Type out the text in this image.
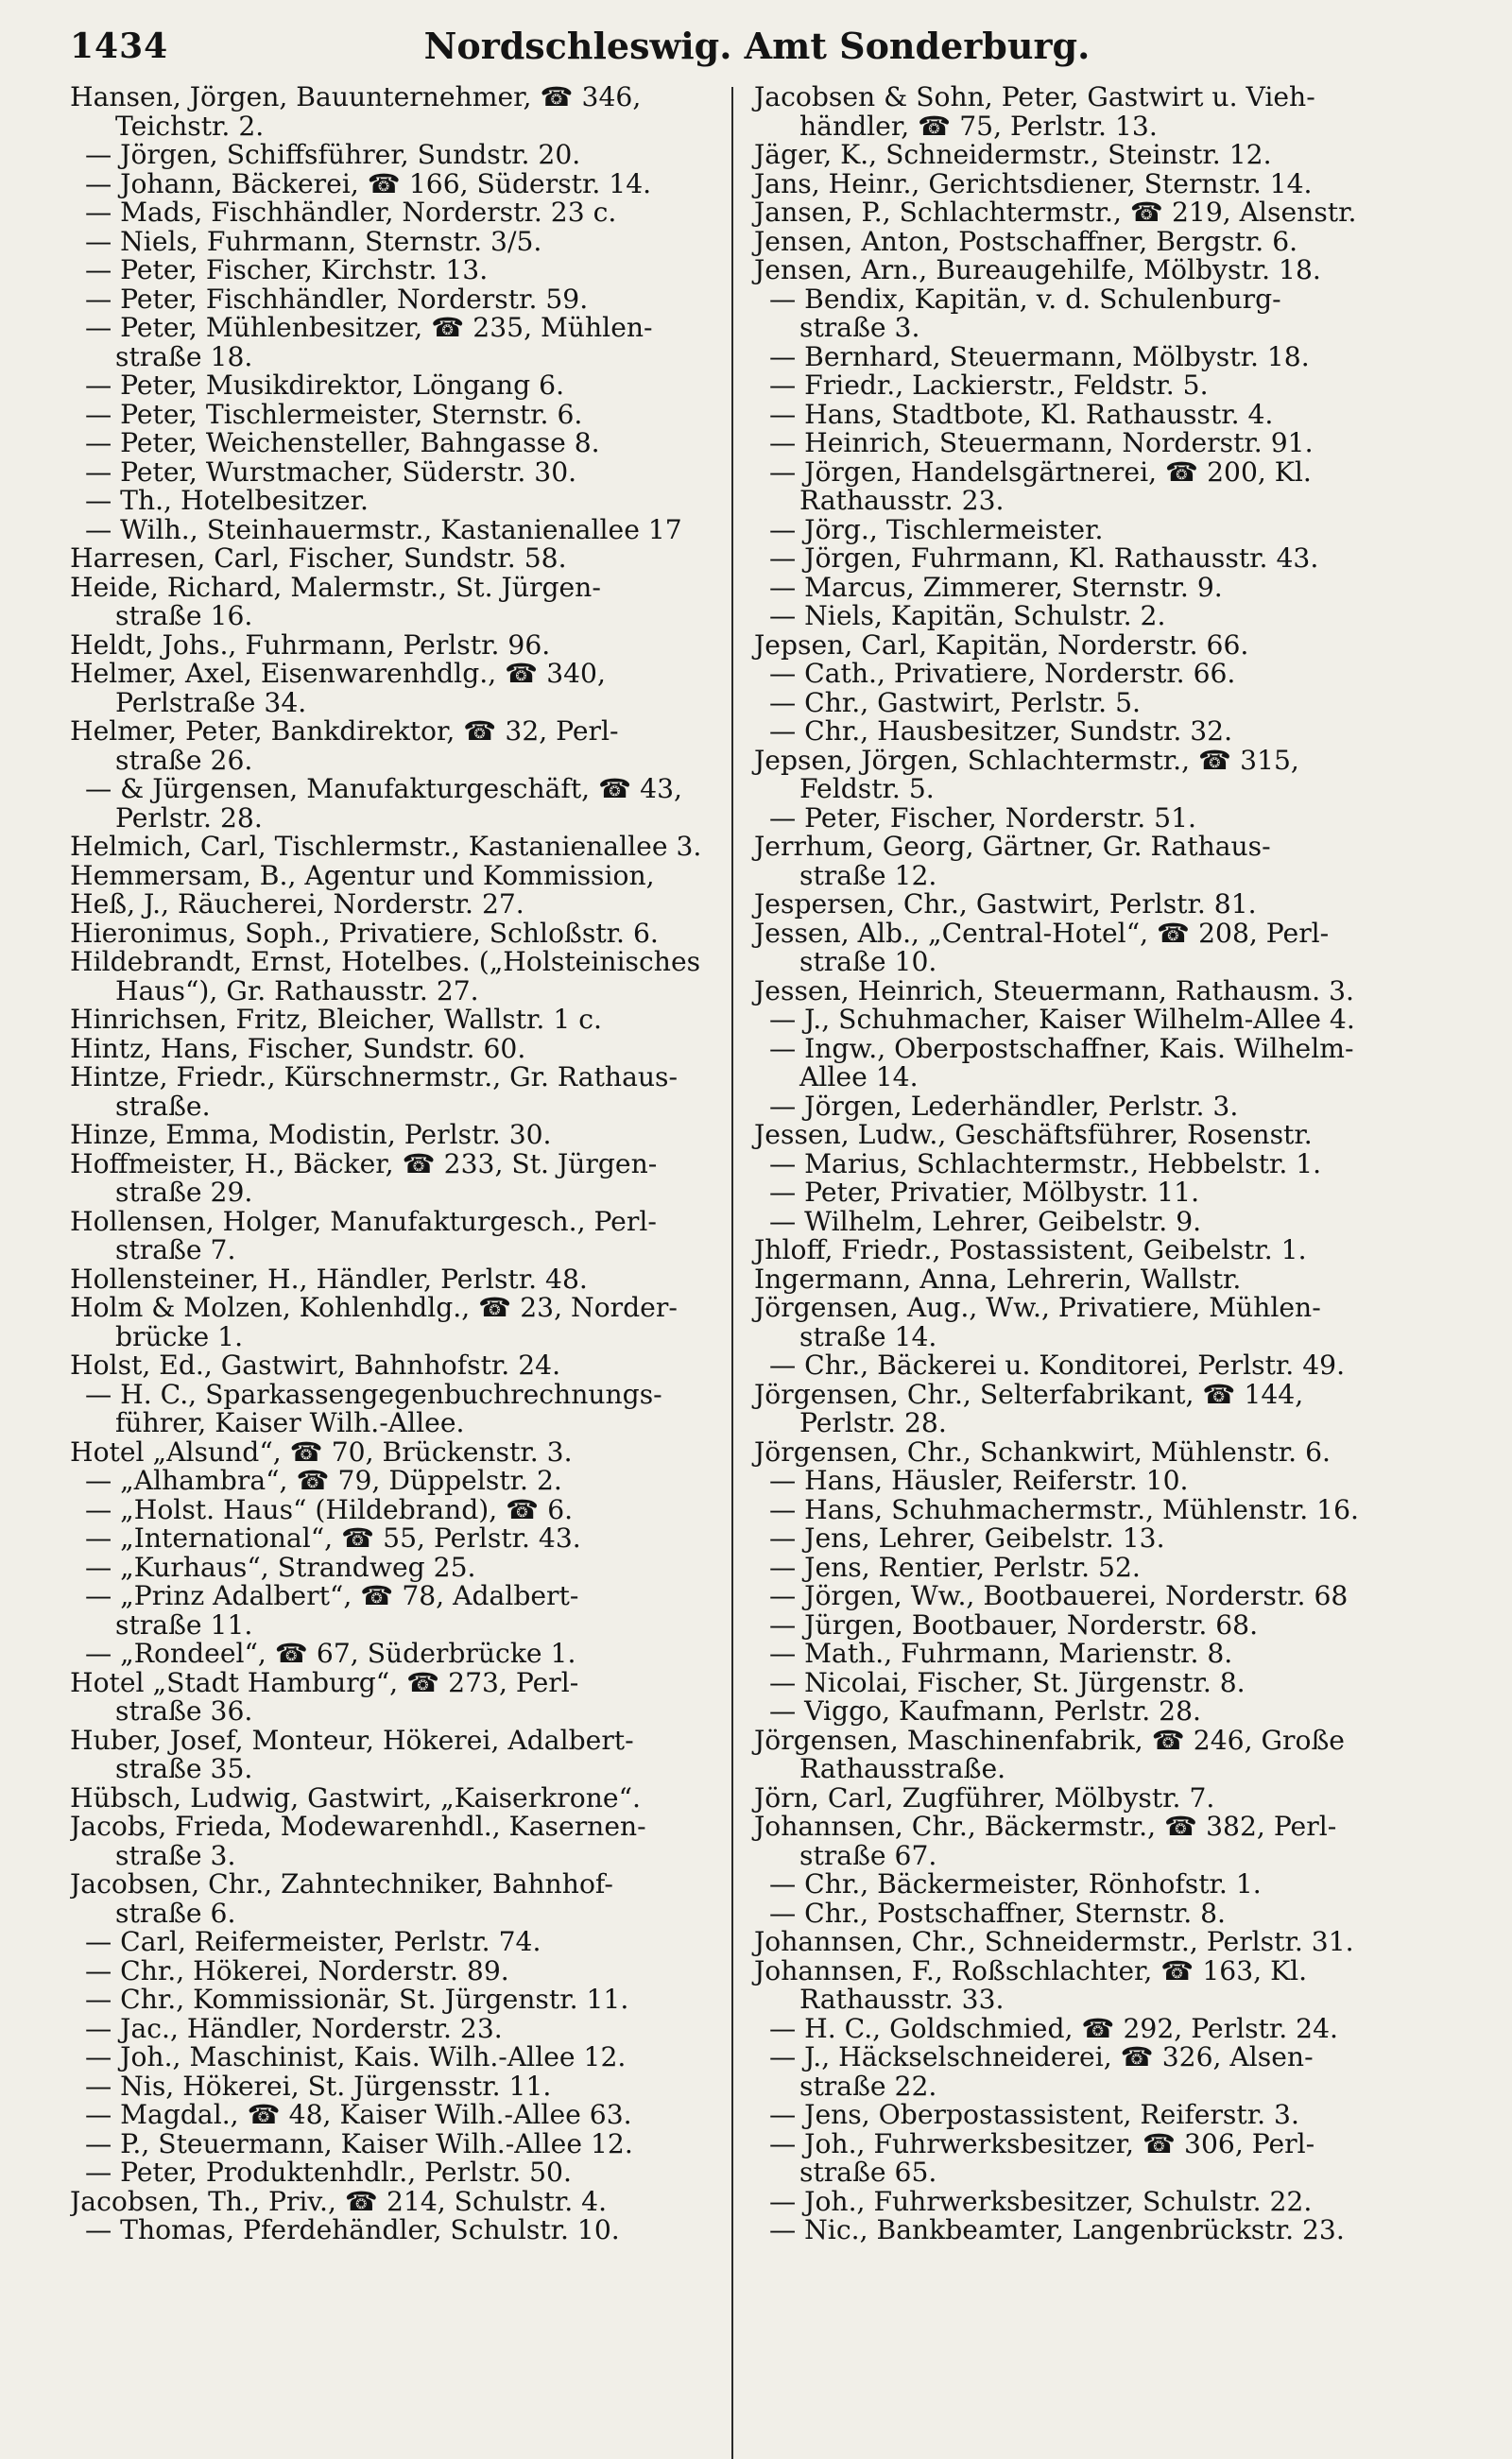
1434	Nordschleswig. Amt Sonderburg.
Hansen, Jörgen, Bauunternehmer, ☎ 346,
Teichstr. 2.
— Jörgen, Schiffsführer, Sundstr. 20.
— Johann, Bäckerei, ☎ 166, Süderstr. 14.
— Mads, Fischhändler, Norderstr. 23 c.
— Niels, Fuhrmann, Sternstr. 3/5.
— Peter, Fischer, Kirchstr. 13.
— Peter, Fischhändler, Norderstr. 59.
— Peter, Mühlenbesitzer, ☎ 235, Mühlen-
straße 18.
— Peter, Musikdirektor, Löngang 6.
— Peter, Tischlermeister, Sternstr. 6.
— Peter, Weichensteller, Bahngasse 8.
— Peter, Wurstmacher, Süderstr. 30.
— Th., Hotelbesitzer.
— Wilh., Steinhauermstr., Kastanienallee 17
Harresen, Carl, Fischer, Sundstr. 58.
Heide, Richard, Malermstr., St. Jürgen-
straße 16.
Heldt, Johs., Fuhrmann, Perlstr. 96.
Helmer, Axel, Eisenwarenhdlg., ☎ 340,
Perlstraße 34.
Helmer, Peter, Bankdirektor, ☎ 32, Perl-
straße 26.
— & Jürgensen, Manufakturgeschäft, ☎ 43,
Perlstr. 28.
Helmich, Carl, Tischlermstr., Kastanienallee 3.
Hemmersam, B., Agentur und Kommission,
Heß, J., Räucherei, Norderstr. 27.
Hieronimus, Soph., Privatiere, Schloßstr. 6.
Hildebrandt, Ernst, Hotelbes. („Holsteinisches
Haus“), Gr. Rathausstr. 27.
Hinrichsen, Fritz, Bleicher, Wallstr. 1 c.
Hintz, Hans, Fischer, Sundstr. 60.
Hintze, Friedr., Kürschnermstr., Gr. Rathaus-
straße.
Hinze, Emma, Modistin, Perlstr. 30.
Hoffmeister, H., Bäcker, ☎ 233, St. Jürgen-
straße 29.
Hollensen, Holger, Manufakturgesch., Perl-
straße 7.
Hollensteiner, H., Händler, Perlstr. 48.
Holm & Molzen, Kohlenhdlg., ☎ 23, Norder-
brücke 1.
Holst, Ed., Gastwirt, Bahnhofstr. 24.
— H. C., Sparkassengegenbuchrechnungs-
führer, Kaiser Wilh.-Allee.
Hotel „Alsund“, ☎ 70, Brückenstr. 3.
— „Alhambra“, ☎ 79, Düppelstr. 2.
— „Holst. Haus“ (Hildebrand), ☎ 6.
— „International“, ☎ 55, Perlstr. 43.
— „Kurhaus“, Strandweg 25.
— „Prinz Adalbert“, ☎ 78, Adalbert-
straße 11.
— „Rondeel“, ☎ 67, Süderbrücke 1.
Hotel „Stadt Hamburg“, ☎ 273, Perl-
straße 36.
Huber, Josef, Monteur, Hökerei, Adalbert-
straße 35.
Hübsch, Ludwig, Gastwirt, „Kaiserkrone“.
Jacobs, Frieda, Modewarenhdl., Kasernen-
straße 3.
Jacobsen, Chr., Zahntechniker, Bahnhof-
straße 6.
— Carl, Reifermeister, Perlstr. 74.
— Chr., Hökerei, Norderstr. 89.
— Chr., Kommissionär, St. Jürgenstr. 11.
— Jac., Händler, Norderstr. 23.
— Joh., Maschinist, Kais. Wilh.-Allee 12.
— Nis, Hökerei, St. Jürgensstr. 11.
— Magdal., ☎ 48, Kaiser Wilh.-Allee 63.
— P., Steuermann, Kaiser Wilh.-Allee 12.
— Peter, Produktenhdlr., Perlstr. 50.
Jacobsen, Th., Priv., ☎ 214, Schulstr. 4.
— Thomas, Pferdehändler, Schulstr. 10.
Jacobsen & Sohn, Peter, Gastwirt u. Vieh-
händler, ☎ 75, Perlstr. 13.
Jäger, K., Schneidermstr., Steinstr. 12.
Jans, Heinr., Gerichtsdiener, Sternstr. 14.
Jansen, P., Schlachtermstr., ☎ 219, Alsenstr.
Jensen, Anton, Postschaffner, Bergstr. 6.
Jensen, Arn., Bureaugehilfe, Mölbystr. 18.
— Bendix, Kapitän, v. d. Schulenburg-
straße 3.
— Bernhard, Steuermann, Mölbystr. 18.
— Friedr., Lackierstr., Feldstr. 5.
— Hans, Stadtbote, Kl. Rathausstr. 4.
— Heinrich, Steuermann, Norderstr. 91.
— Jörgen, Handelsgärtnerei, ☎ 200, Kl.
Rathausstr. 23.
— Jörg., Tischlermeister.
— Jörgen, Fuhrmann, Kl. Rathausstr. 43.
— Marcus, Zimmerer, Sternstr. 9.
— Niels, Kapitän, Schulstr. 2.
Jepsen, Carl, Kapitän, Norderstr. 66.
— Cath., Privatiere, Norderstr. 66.
— Chr., Gastwirt, Perlstr. 5.
— Chr., Hausbesitzer, Sundstr. 32.
Jepsen, Jörgen, Schlachtermstr., ☎ 315,
Feldstr. 5.
— Peter, Fischer, Norderstr. 51.
Jerrhum, Georg, Gärtner, Gr. Rathaus-
straße 12.
Jespersen, Chr., Gastwirt, Perlstr. 81.
Jessen, Alb., „Central-Hotel“, ☎ 208, Perl-
straße 10.
Jessen, Heinrich, Steuermann, Rathausm. 3.
— J., Schuhmacher, Kaiser Wilhelm-Allee 4.
— Ingw., Oberpostschaffner, Kais. Wilhelm-
Allee 14.
— Jörgen, Lederhändler, Perlstr. 3.
Jessen, Ludw., Geschäftsführer, Rosenstr.
— Marius, Schlachtermstr., Hebbelstr. 1.
— Peter, Privatier, Mölbystr. 11.
— Wilhelm, Lehrer, Geibelstr. 9.
Jhloff, Friedr., Postassistent, Geibelstr. 1.
Ingermann, Anna, Lehrerin, Wallstr.
Jörgensen, Aug., Ww., Privatiere, Mühlen-
straße 14.
— Chr., Bäckerei u. Konditorei, Perlstr. 49.
Jörgensen, Chr., Selterfabrikant, ☎ 144,
Perlstr. 28.
Jörgensen, Chr., Schankwirt, Mühlenstr. 6.
— Hans, Häusler, Reiferstr. 10.
— Hans, Schuhmachermstr., Mühlenstr. 16.
— Jens, Lehrer, Geibelstr. 13.
— Jens, Rentier, Perlstr. 52.
— Jörgen, Ww., Bootbauerei, Norderstr. 68
— Jürgen, Bootbauer, Norderstr. 68.
— Math., Fuhrmann, Marienstr. 8.
— Nicolai, Fischer, St. Jürgenstr. 8.
— Viggo, Kaufmann, Perlstr. 28.
Jörgensen, Maschinenfabrik, ☎ 246, Große
Rathausstraße.
Jörn, Carl, Zugführer, Mölbystr. 7.
Johannsen, Chr., Bäckermstr., ☎ 382, Perl-
straße 67.
— Chr., Bäckermeister, Rönhofstr. 1.
— Chr., Postschaffner, Sternstr. 8.
Johannsen, Chr., Schneidermstr., Perlstr. 31.
Johannsen, F., Roßschlachter, ☎ 163, Kl.
Rathausstr. 33.
— H. C., Goldschmied, ☎ 292, Perlstr. 24.
— J., Häckselschneiderei, ☎ 326, Alsen-
straße 22.
— Jens, Oberpostassistent, Reiferstr. 3.
— Joh., Fuhrwerksbesitzer, ☎ 306, Perl-
straße 65.
— Joh., Fuhrwerksbesitzer, Schulstr. 22.
— Nic., Bankbeamter, Langenbrückstr. 23.
